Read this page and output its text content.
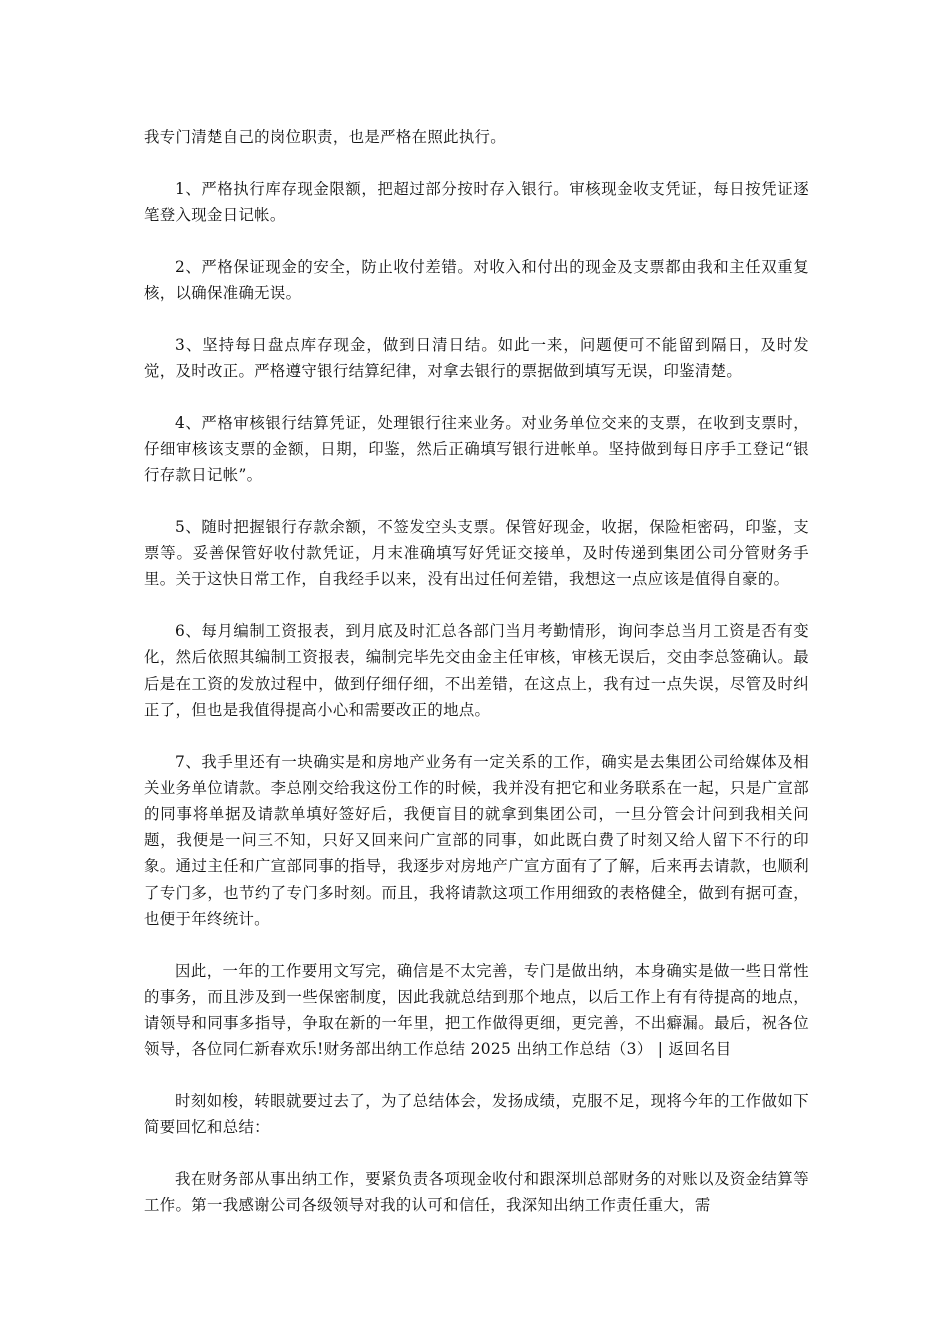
我专门清楚自己的岗位职责，也是严格在照此执行。

1、严格执行库存现金限额，把超过部分按时存入银行。审核现金收支凭证，每日按凭证逐笔登入现金日记帐。

2、严格保证现金的安全，防止收付差错。对收入和付出的现金及支票都由我和主任双重复核，以确保准确无误。

3、坚持每日盘点库存现金，做到日清日结。如此一来，问题便可不能留到隔日，及时发觉，及时改正。严格遵守银行结算纪律，对拿去银行的票据做到填写无误，印鉴清楚。

4、严格审核银行结算凭证，处理银行往来业务。对业务单位交来的支票，在收到支票时，仔细审核该支票的金额，日期，印鉴，然后正确填写银行进帐单。坚持做到每日序手工登记“银行存款日记帐”。

5、随时把握银行存款余额，不签发空头支票。保管好现金，收据，保险柜密码，印鉴，支票等。妥善保管好收付款凭证，月末准确填写好凭证交接单，及时传递到集团公司分管财务手里。关于这快日常工作，自我经手以来，没有出过任何差错，我想这一点应该是值得自豪的。

6、每月编制工资报表，到月底及时汇总各部门当月考勤情形，询问李总当月工资是否有变化，然后依照其编制工资报表，编制完毕先交由金主任审核，审核无误后，交由李总签确认。最后是在工资的发放过程中，做到仔细仔细，不出差错，在这点上，我有过一点失误，尽管及时纠正了，但也是我值得提高小心和需要改正的地点。

7、我手里还有一块确实是和房地产业务有一定关系的工作，确实是去集团公司给媒体及相关业务单位请款。李总刚交给我这份工作的时候，我并没有把它和业务联系在一起，只是广宣部的同事将单据及请款单填好签好后，我便盲目的就拿到集团公司，一旦分管会计问到我相关问题，我便是一问三不知，只好又回来问广宣部的同事，如此既白费了时刻又给人留下不行的印象。通过主任和广宣部同事的指导，我逐步对房地产广宣方面有了了解，后来再去请款，也顺利了专门多，也节约了专门多时刻。而且，我将请款这项工作用细致的表格健全，做到有据可查，也便于年终统计。

因此，一年的工作要用文写完，确信是不太完善，专门是做出纳，本身确实是做一些日常性的事务，而且涉及到一些保密制度，因此我就总结到那个地点，以后工作上有有待提高的地点，请领导和同事多指导，争取在新的一年里，把工作做得更细，更完善，不出癖漏。最后，祝各位领导，各位同仁新春欢乐!财务部出纳工作总结 2025 出纳工作总结（3） | 返回名目

时刻如梭，转眼就要过去了，为了总结体会，发扬成绩，克服不足，现将今年的工作做如下简要回忆和总结：

我在财务部从事出纳工作，要紧负责各项现金收付和跟深圳总部财务的对账以及资金结算等工作。第一我感谢公司各级领导对我的认可和信任，我深知出纳工作责任重大，需
